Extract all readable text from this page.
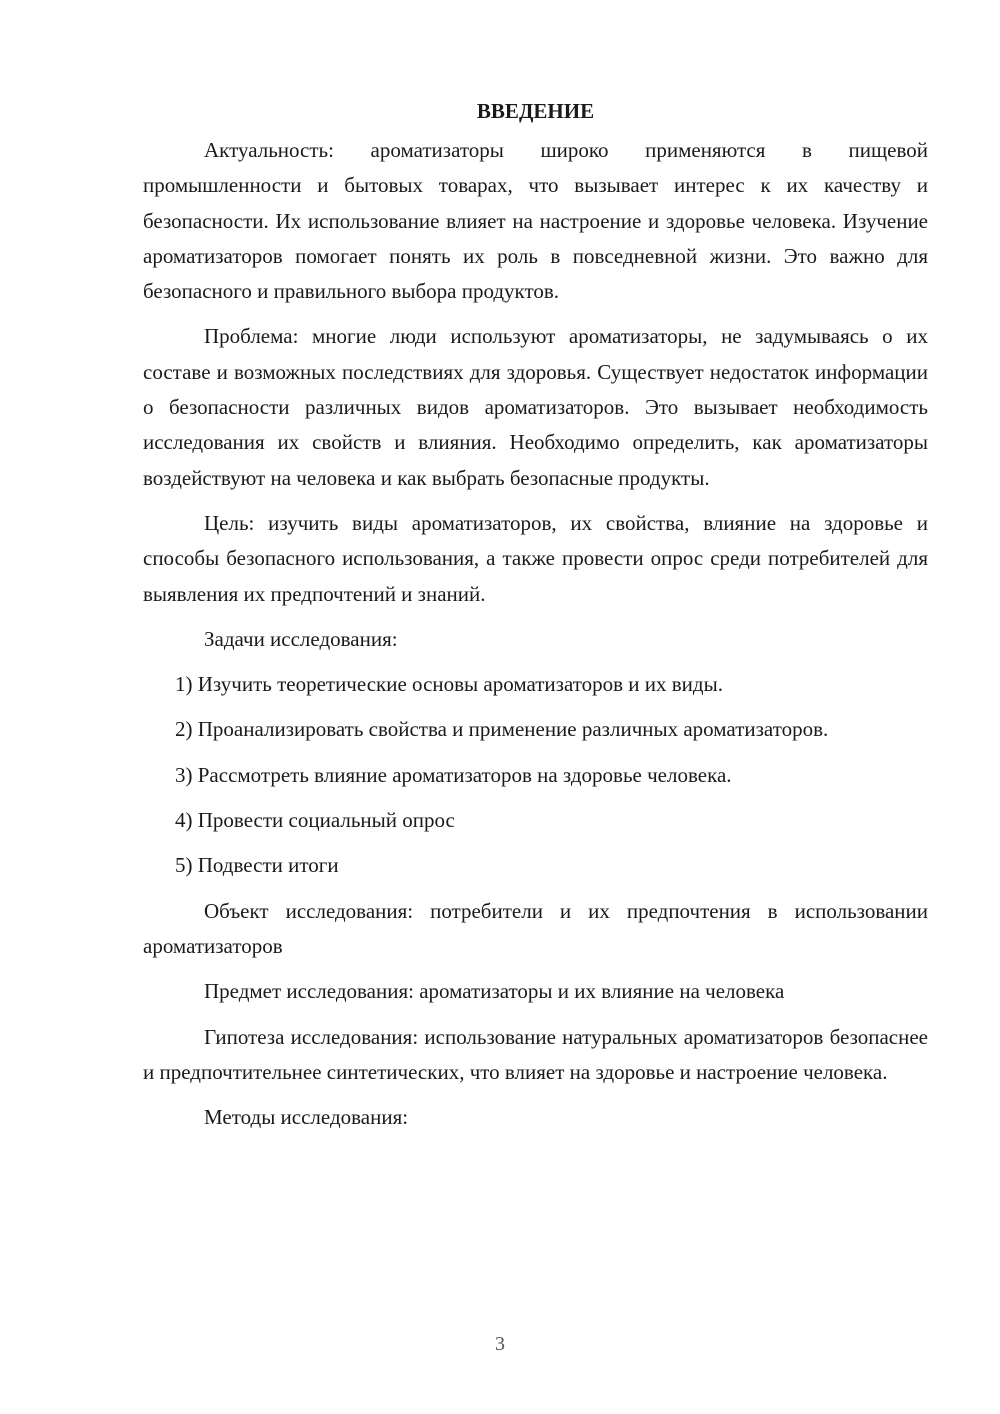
ВВЕДЕНИЕ

Актуальность: ароматизаторы широко применяются в пищевой промышленности и бытовых товарах, что вызывает интерес к их качеству и безопасности. Их использование влияет на настроение и здоровье человека. Изучение ароматизаторов помогает понять их роль в повседневной жизни. Это важно для безопасного и правильного выбора продуктов.

Проблема: многие люди используют ароматизаторы, не задумываясь о их составе и возможных последствиях для здоровья. Существует недостаток информации о безопасности различных видов ароматизаторов. Это вызывает необходимость исследования их свойств и влияния. Необходимо определить, как ароматизаторы воздействуют на человека и как выбрать безопасные продукты.

Цель: изучить виды ароматизаторов, их свойства, влияние на здоровье и способы безопасного использования, а также провести опрос среди потребителей для выявления их предпочтений и знаний.

Задачи исследования:

1) Изучить теоретические основы ароматизаторов и их виды.

2) Проанализировать свойства и применение различных ароматизаторов.

3) Рассмотреть влияние ароматизаторов на здоровье человека.

4) Провести социальный опрос

5) Подвести итоги

Объект исследования: потребители и их предпочтения в использовании ароматизаторов

Предмет исследования: ароматизаторы и их влияние на человека

Гипотеза исследования: использование натуральных ароматизаторов безопаснее и предпочтительнее синтетических, что влияет на здоровье и настроение человека.

Методы исследования:

3
